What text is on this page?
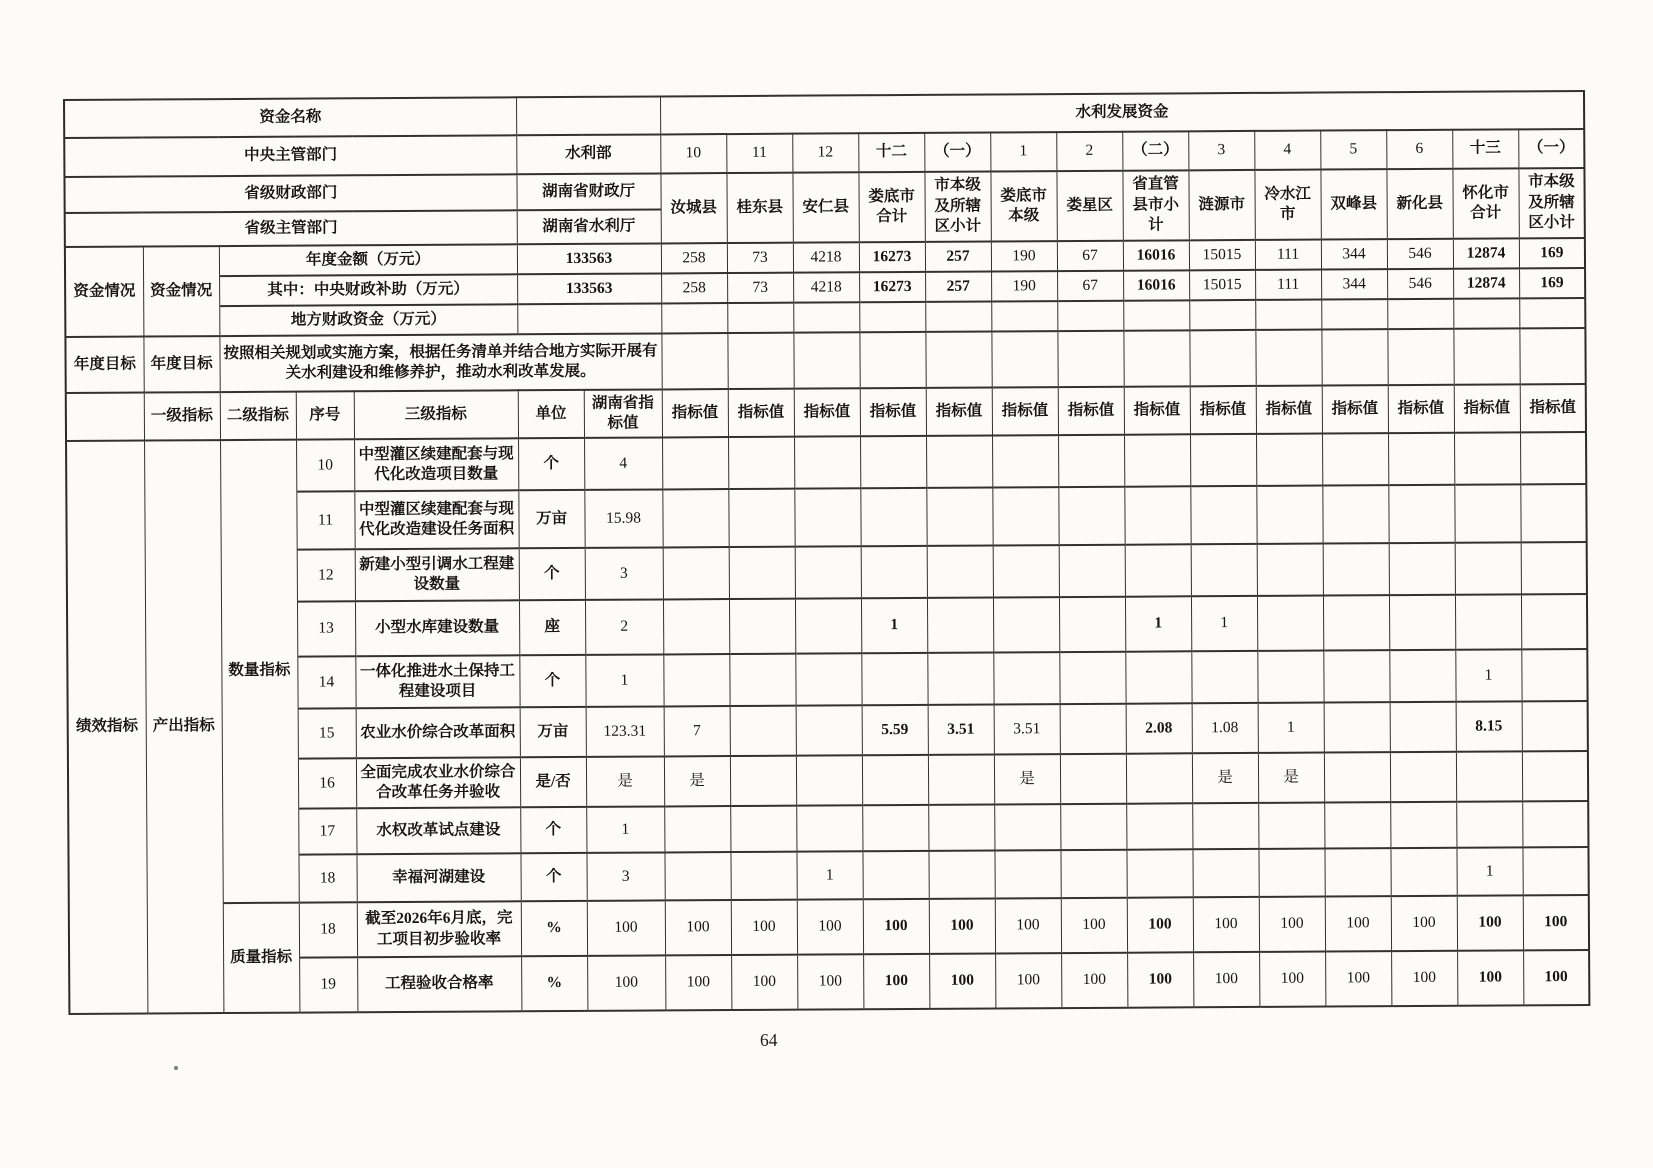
资金名称							水利发展资金													
中央主管部门					水利部		10	11	12	十二	（一）	1	2	（二）	3	4	5	6	十三	（一）
省级财政部门					湖南省财政厅		汝城县	桂东县	安仁县	娄底市合计	市本级及所辖区小计	娄底市本级	娄星区	省直管县市小计	涟源市	冷水江市	双峰县	新化县	怀化市合计	市本级及所辖区小计
省级主管部门					湖南省水利厅															
资金情况	资金情况	年度金额（万元）			133563		258	73	4218	16273	257	190	67	16016	15015	111	344	546	12874	169
		其中：中央财政补助（万元）			133563		258	73	4218	16273	257	190	67	16016	15015	111	344	546	12874	169
		地方财政资金（万元）																		
年度目标	年度目标	按照相关规划或实施方案，根据任务清单并结合地方实际开展有关水利建设和维修养护，推动水利改革发展。																		
	一级指标	二级指标	序号	三级指标	单位	湖南省指标值	指标值	指标值	指标值	指标值	指标值	指标值	指标值	指标值	指标值	指标值	指标值	指标值	指标值	指标值
绩效指标	产出指标	数量指标	10	中型灌区续建配套与现代化改造项目数量	个	4														
			11	中型灌区续建配套与现代化改造建设任务面积	万亩	15.98														
			12	新建小型引调水工程建设数量	个	3														
			13	小型水库建设数量	座	2				1				1	1					
			14	一体化推进水土保持工程建设项目	个	1													1	
			15	农业水价综合改革面积	万亩	123.31	7			5.59	3.51	3.51		2.08	1.08	1			8.15	
			16	全面完成农业水价综合合改革任务并验收	是/否	是	是					是			是	是				
			17	水权改革试点建设	个	1														
			18	幸福河湖建设	个	3			1										1	
		质量指标	18	截至2026年6月底，完工项目初步验收率	%	100	100	100	100	100	100	100	100	100	100	100	100	100	100	100
			19	工程验收合格率	%	100	100	100	100	100	100	100	100	100	100	100	100	100	100	100
64
